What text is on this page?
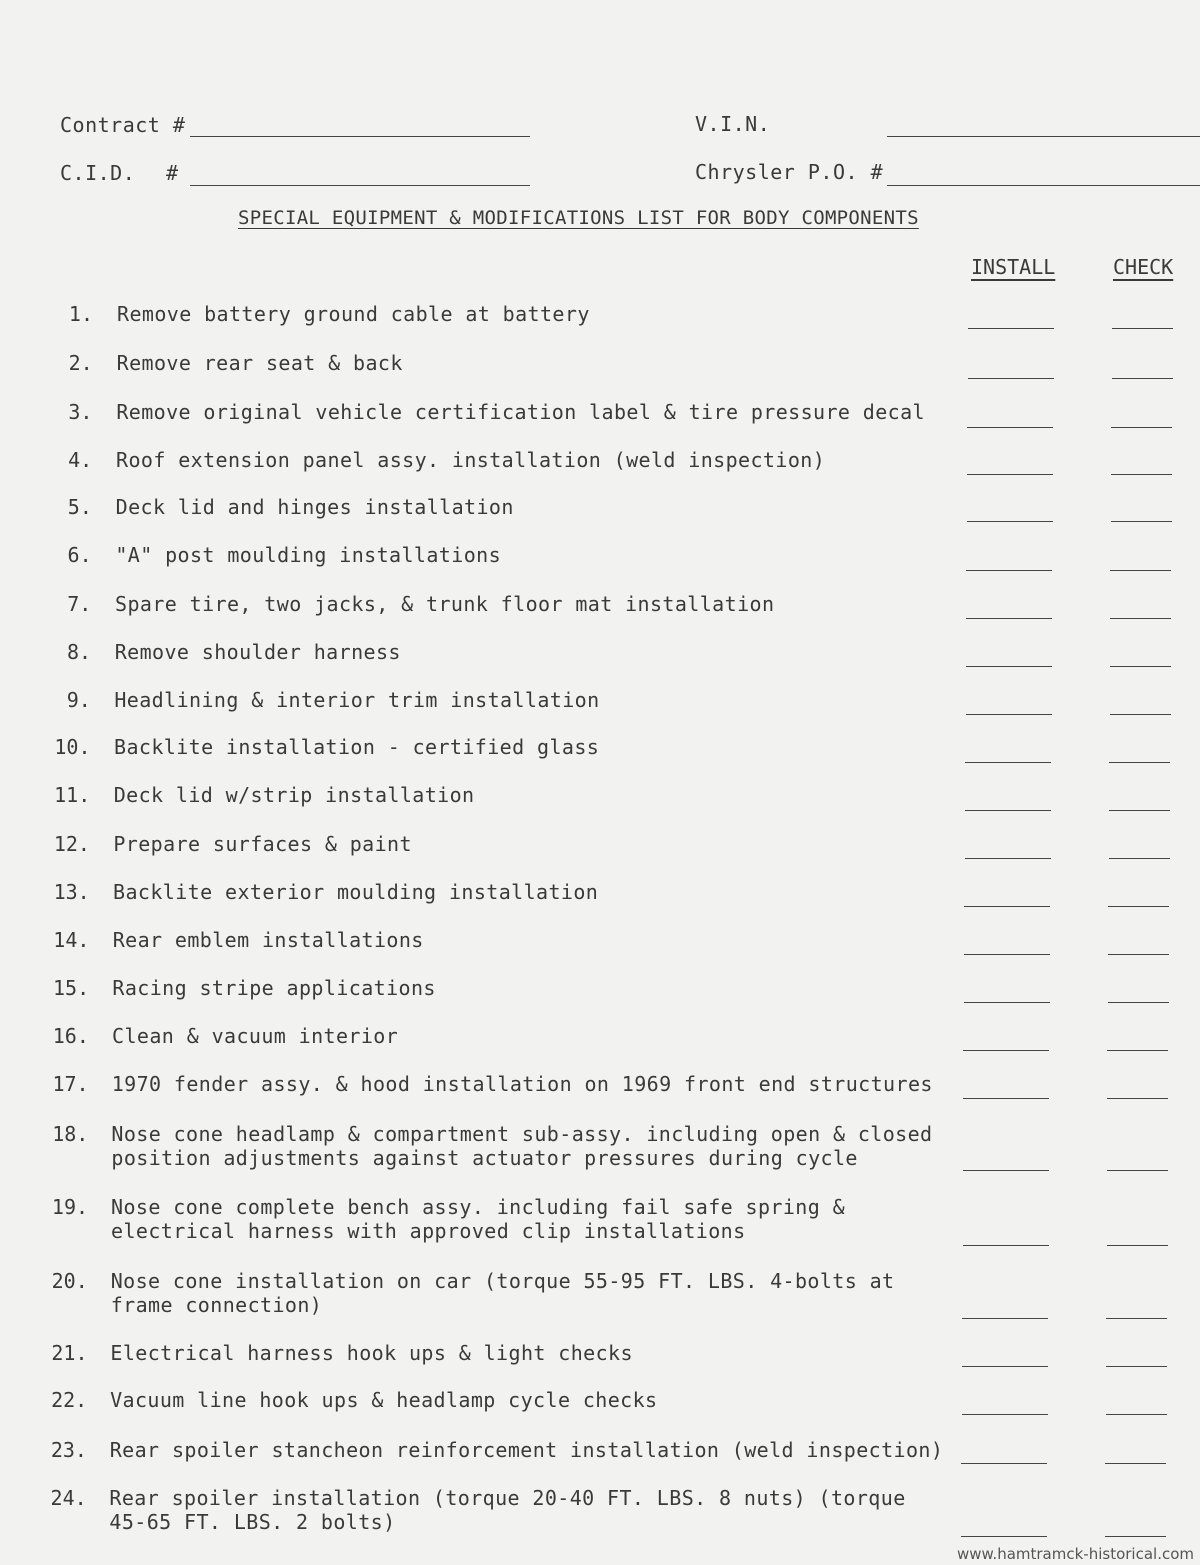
Contract #	V.I.N.
C.I.D. #	Chrysler P.O. #
SPECIAL EQUIPMENT & MODIFICATIONS LIST FOR BODY COMPONENTS
INSTALL	CHECK
1. Remove battery ground cable at battery
2. Remove rear seat & back
3. Remove original vehicle certification label & tire pressure decal
4. Roof extension panel assy. installation (weld inspection)
5. Deck lid and hinges installation
6. "A" post moulding installations
7. Spare tire, two jacks, & trunk floor mat installation
8. Remove shoulder harness
9. Headlining & interior trim installation
10. Backlite installation - certified glass
11. Deck lid w/strip installation
12. Prepare surfaces & paint
13. Backlite exterior moulding installation
14. Rear emblem installations
15. Racing stripe applications
16. Clean & vacuum interior
17. 1970 fender assy. & hood installation on 1969 front end structures
18. Nose cone headlamp & compartment sub-assy. including open & closed
position adjustments against actuator pressures during cycle
19. Nose cone complete bench assy. including fail safe spring &
electrical harness with approved clip installations
20. Nose cone installation on car (torque 55-95 FT. LBS. 4-bolts at
frame connection)
21. Electrical harness hook ups & light checks
22. Vacuum line hook ups & headlamp cycle checks
23. Rear spoiler stancheon reinforcement installation (weld inspection)
24. Rear spoiler installation (torque 20-40 FT. LBS. 8 nuts) (torque
45-65 FT. LBS. 2 bolts)
www.hamtramck-historical.com
